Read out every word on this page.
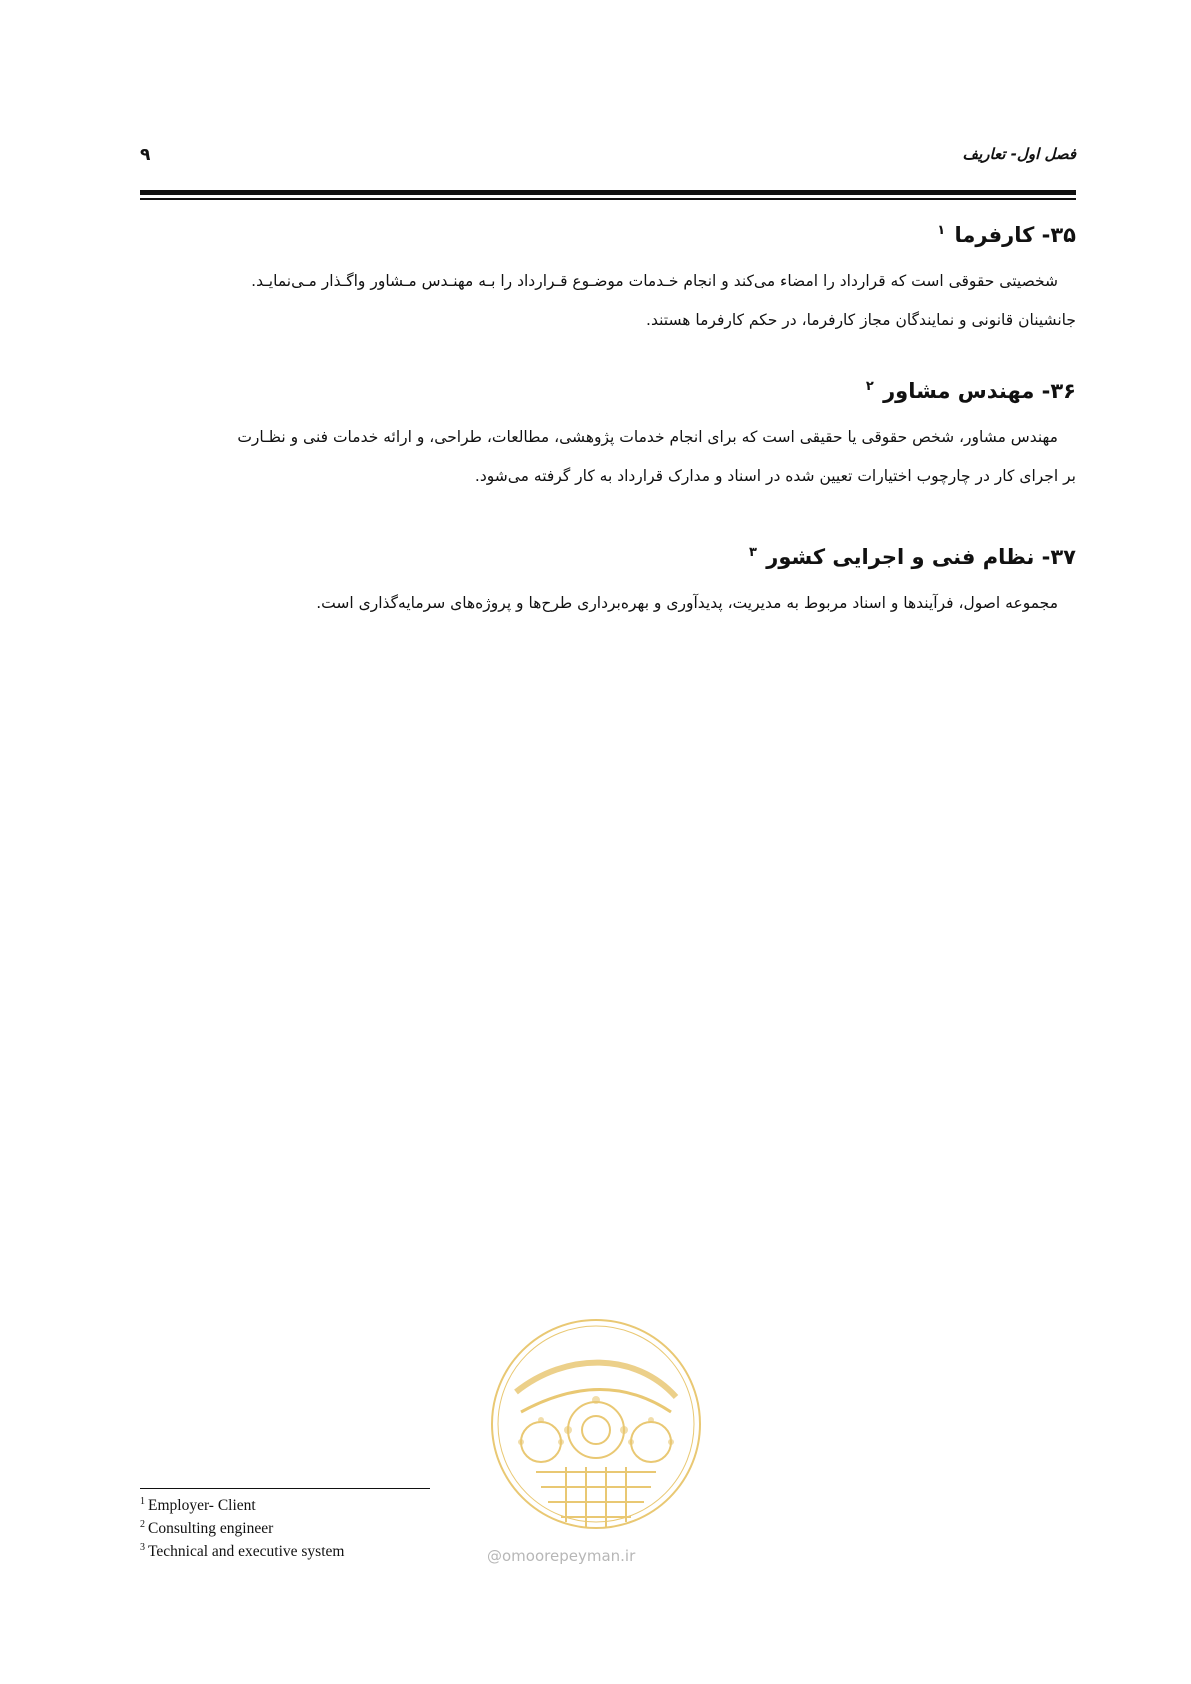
۹	فصل اول- تعاریف
۳۵- کارفرما $^۱$

شخصیتی حقوقی است که قرارداد را امضاء می‌کند و انجام خـدمات موضـوع قـرارداد را بـه مهنـدس مـشاور واگـذار مـی‌نمایـد.
جانشینان قانونی و نمایندگان مجاز کارفرما، در حکم کارفرما هستند.

۳۶- مهندس مشاور $^۲$

مهندس مشاور، شخص حقوقی یا حقیقی است که برای انجام خدمات پژوهشی، مطالعات، طراحی، و ارائه خدمات فنی و نظـارت
بر اجرای کار در چارچوب اختیارات تعیین شده در اسناد و مدارک قرارداد به کار گرفته می‌شود.

۳۷- نظام فنی و اجرایی کشور $^۳$

مجموعه اصول، فرآیندها و اسناد مربوط به مدیریت، پدیدآوری و بهره‌برداری طرح‌ها و پروژه‌های سرمایه‌گذاری است.

@omoorepeyman.ir
$^1$ Employer- Client
$^2$ Consulting engineer
$^3$ Technical and executive system
